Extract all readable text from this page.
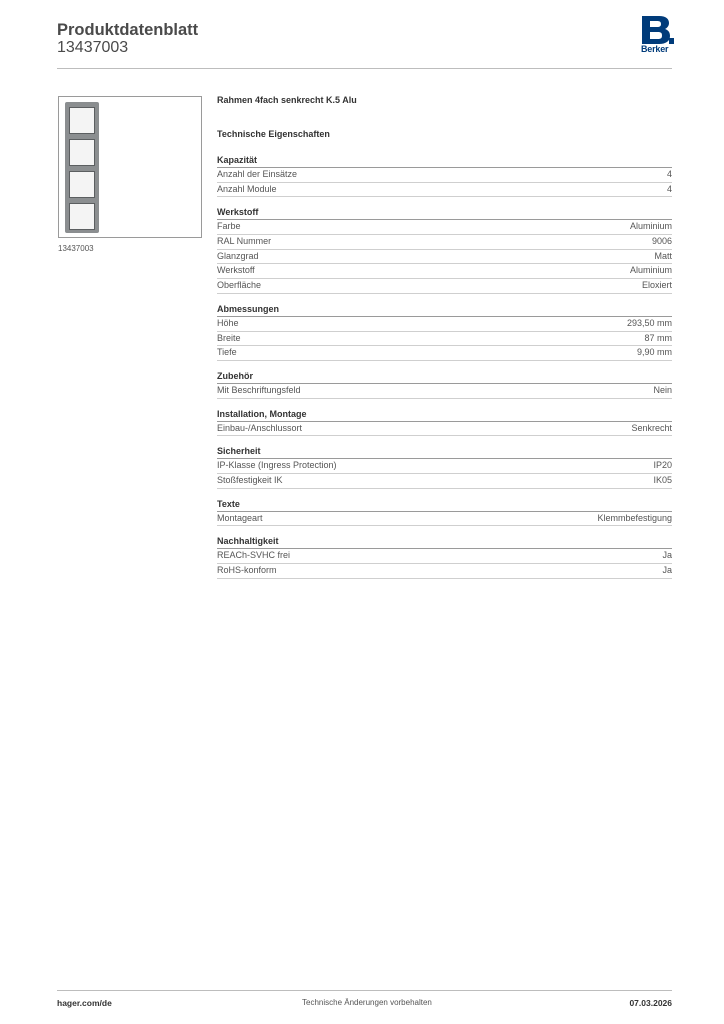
Produktdatenblatt
13437003	Berker
13437003
Rahmen 4fach senkrecht K.5 Alu
Technische Eigenschaften
Kapazität
Anzahl der Einsätze	4
Anzahl Module	4
Werkstoff
Farbe	Aluminium
RAL Nummer	9006
Glanzgrad	Matt
Werkstoff	Aluminium
Oberfläche	Eloxiert
Abmessungen
Höhe	293,50 mm
Breite	87 mm
Tiefe	9,90 mm
Zubehör
Mit Beschriftungsfeld	Nein
Installation, Montage
Einbau-/Anschlussort	Senkrecht
Sicherheit
IP-Klasse (Ingress Protection)	IP20
Stoßfestigkeit IK	IK05
Texte
Montageart	Klemmbefestigung
Nachhaltigkeit
REACh-SVHC frei	Ja
RoHS-konform	Ja
hager.com/de	Technische Änderungen vorbehalten	07.03.2026
